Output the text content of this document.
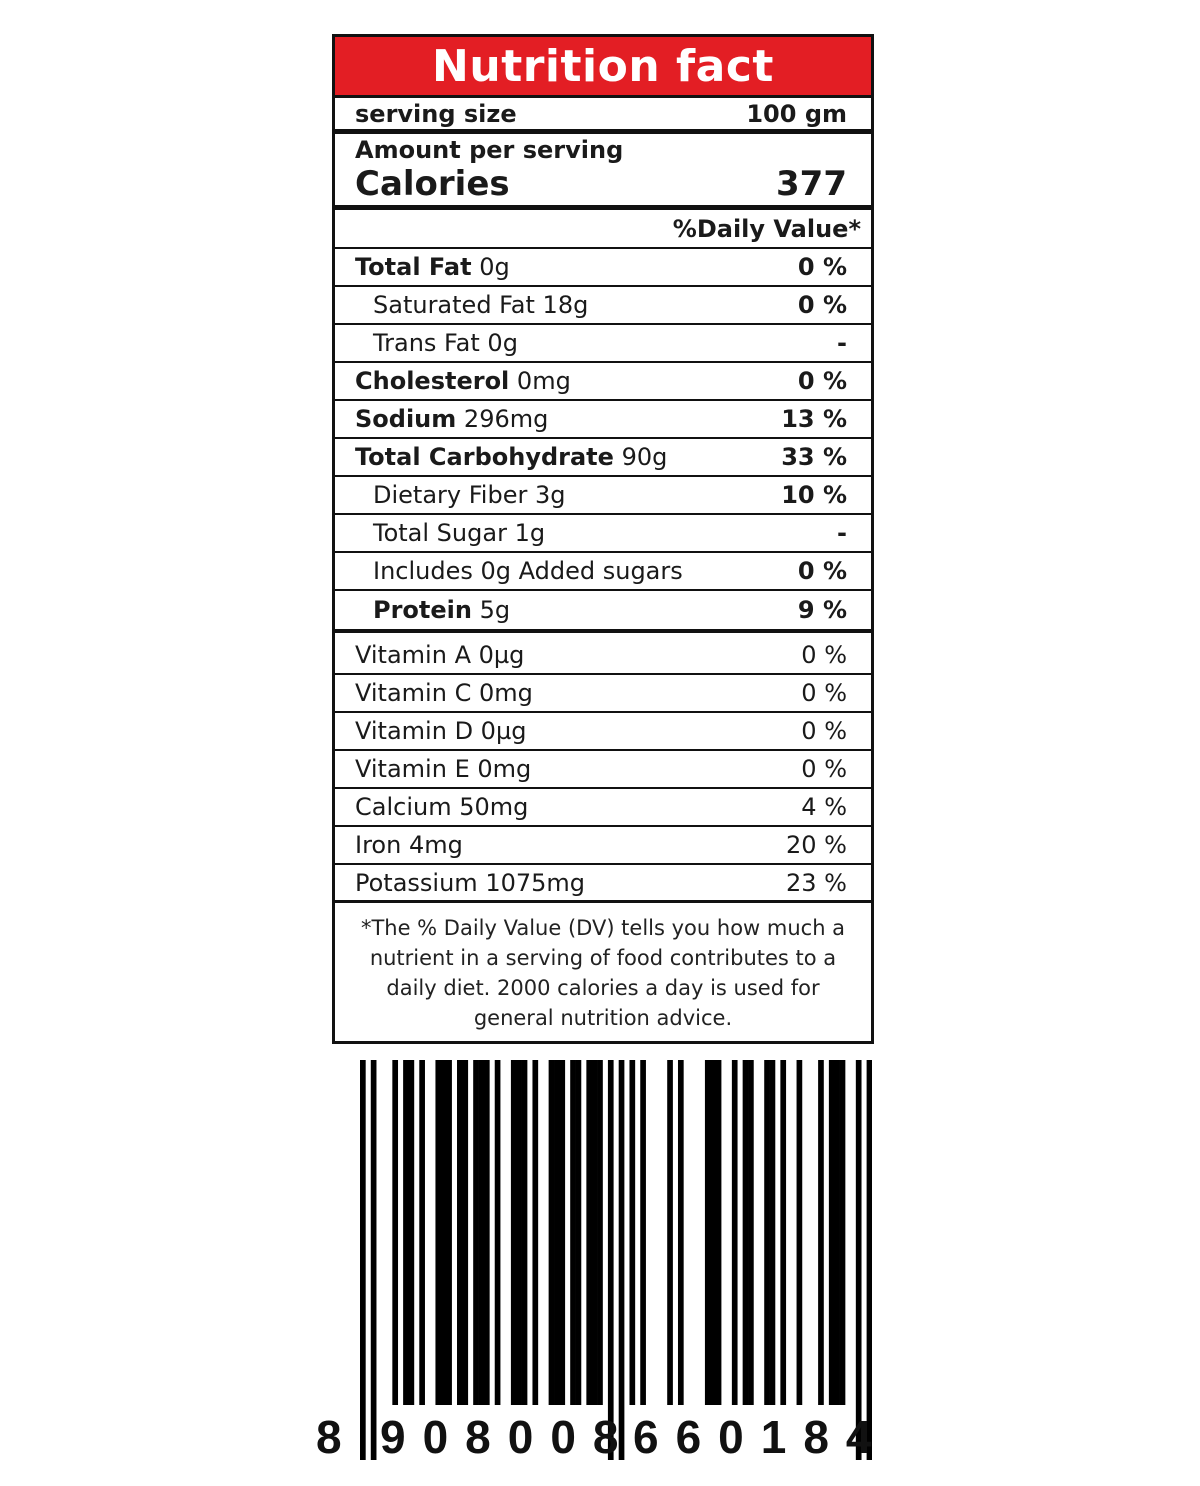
Nutrition fact
serving size	100 gm
Amount per serving
Calories	377
%Daily Value*
Total Fat 0g	0 %
Saturated Fat 18g	0 %
Trans Fat 0g	-
Cholesterol 0mg	0 %
Sodium 296mg	13 %
Total Carbohydrate 90g	33 %
Dietary Fiber 3g	10 %
Total Sugar 1g	-
Includes 0g Added sugars	0 %
Protein 5g	9 %
Vitamin A 0µg	0 %
Vitamin C 0mg	0 %
Vitamin D 0µg	0 %
Vitamin E 0mg	0 %
Calcium 50mg	4 %
Iron 4mg	20 %
Potassium 1075mg	23 %
*The % Daily Value (DV) tells you how much a nutrient in a serving of food contributes to a daily diet. 2000 calories a day is used for general nutrition advice.
8 908008
660184
